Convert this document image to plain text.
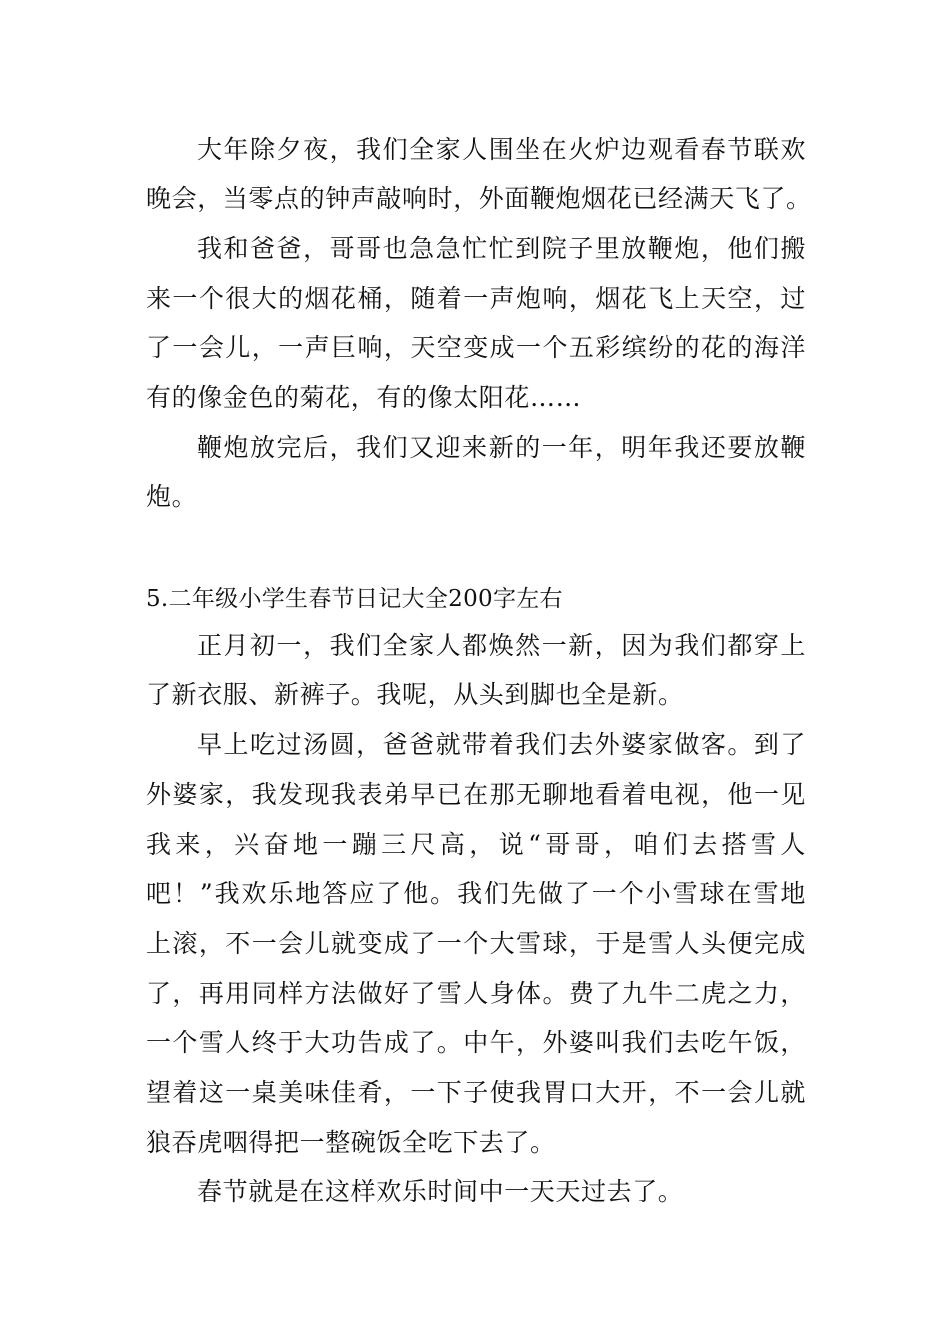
大年除夕夜，我们全家人围坐在火炉边观看春节联欢
晚会，当零点的钟声敲响时，外面鞭炮烟花已经满天飞了。
我和爸爸，哥哥也急急忙忙到院子里放鞭炮，他们搬
来一个很大的烟花桶，随着一声炮响，烟花飞上天空，过
了一会儿，一声巨响，天空变成一个五彩缤纷的花的海洋
有的像金色的菊花，有的像太阳花……
鞭炮放完后，我们又迎来新的一年，明年我还要放鞭
炮。
5.二年级小学生春节日记大全200字左右
正月初一，我们全家人都焕然一新，因为我们都穿上
了新衣服、新裤子。我呢，从头到脚也全是新。
早上吃过汤圆，爸爸就带着我们去外婆家做客。到了
外婆家，我发现我表弟早已在那无聊地看着电视，他一见
我来，兴奋地一蹦三尺高，说“哥哥，咱们去搭雪人
吧！”我欢乐地答应了他。我们先做了一个小雪球在雪地
上滚，不一会儿就变成了一个大雪球，于是雪人头便完成
了，再用同样方法做好了雪人身体。费了九牛二虎之力，
一个雪人终于大功告成了。中午，外婆叫我们去吃午饭，
望着这一桌美味佳肴，一下子使我胃口大开，不一会儿就
狼吞虎咽得把一整碗饭全吃下去了。
春节就是在这样欢乐时间中一天天过去了。
